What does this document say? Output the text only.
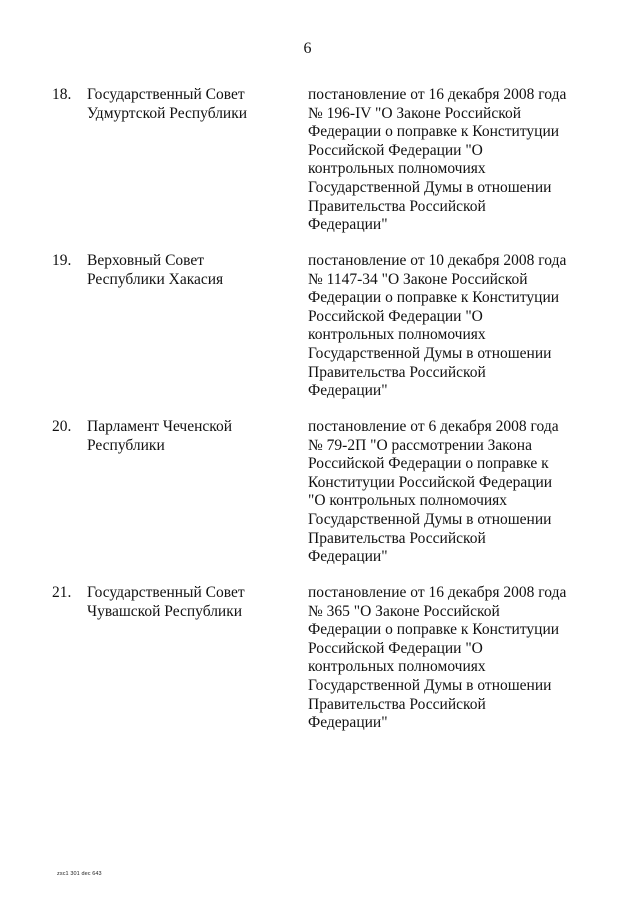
6
18. Государственный Совет
Удмуртской Республики
постановление от 16 декабря 2008 года
№ 196-IV "О Законе Российской
Федерации о поправке к Конституции
Российской Федерации "О
контрольных полномочиях
Государственной Думы в отношении
Правительства Российской
Федерации"
19. Верховный Совет
Республики Хакасия
постановление от 10 декабря 2008 года
№ 1147-34 "О Законе Российской
Федерации о поправке к Конституции
Российской Федерации "О
контрольных полномочиях
Государственной Думы в отношении
Правительства Российской
Федерации"
20. Парламент Чеченской
Республики
постановление от 6 декабря 2008 года
№ 79-2П "О рассмотрении Закона
Российской Федерации о поправке к
Конституции Российской Федерации
"О контрольных полномочиях
Государственной Думы в отношении
Правительства Российской
Федерации"
21. Государственный Совет
Чувашской Республики
постановление от 16 декабря 2008 года
№ 365 "О Законе Российской
Федерации о поправке к Конституции
Российской Федерации "О
контрольных полномочиях
Государственной Думы в отношении
Правительства Российской
Федерации"
zsc1 301 dec 643
